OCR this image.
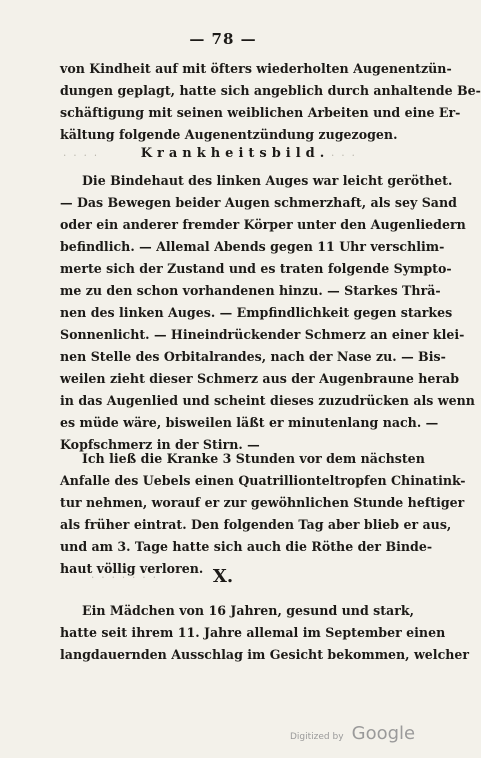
— 78 —
von Kindheit auf mit öfters wiederholten Augenentzün-
dungen geplagt, hatte sich angeblich durch anhaltende Be-
schäftigung mit seinen weiblichen Arbeiten und eine Er-
kältung folgende Augenentzündung zugezogen.
᛫ ᛫ ᛫ ᛫	Krankheitsbild. ᛫ ᛫ ᛫
Die Bindehaut des linken Auges war leicht geröthet.
— Das Bewegen beider Augen schmerzhaft, als sey Sand
oder ein anderer fremder Körper unter den Augenliedern
befindlich. — Allemal Abends gegen 11 Uhr verschlim-
merte sich der Zustand und es traten folgende Sympto-
me zu den schon vorhandenen hinzu. — Starkes Thrä-
nen des linken Auges. — Empfindlichkeit gegen starkes
Sonnenlicht. — Hineindrückender Schmerz an einer klei-
nen Stelle des Orbitalrandes, nach der Nase zu. — Bis-
weilen zieht dieser Schmerz aus der Augenbraune herab
in das Augenlied und scheint dieses zuzudrücken als wenn
es müde wäre, bisweilen läßt er minutenlang nach. —
Kopfschmerz in der Stirn. —
Ich ließ die Kranke 3 Stunden vor dem nächsten
Anfalle des Uebels einen Quatrillionteltropfen Chinatink-
tur nehmen, worauf er zur gewöhnlichen Stunde heftiger
als früher eintrat. Den folgenden Tag aber blieb er aus,
und am 3. Tage hatte sich auch die Röthe der Binde-
haut völlig verloren.
᛫ ᛫ ᛫ ᛫ ᛫ ᛫ ᛫	X.
Ein Mädchen von 16 Jahren, gesund und stark,
hatte seit ihrem 11. Jahre allemal im September einen
langdauernden Ausschlag im Gesicht bekommen, welcher
Digitized by Google
